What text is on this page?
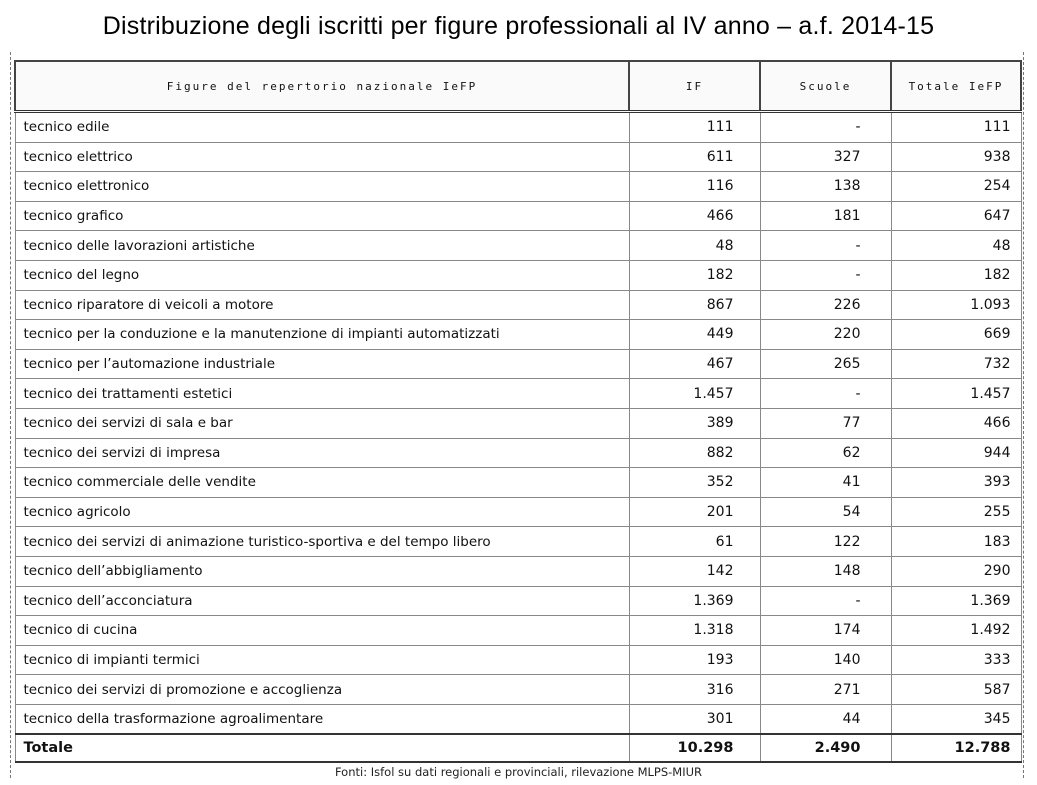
Distribuzione degli iscritti per figure professionali al IV anno – a.f. 2014-15
Figure del repertorio nazionale IeFP	IF	Scuole	Totale IeFP
tecnico edile	111	-	111
tecnico elettrico	611	327	938
tecnico elettronico	116	138	254
tecnico grafico	466	181	647
tecnico delle lavorazioni artistiche	48	-	48
tecnico del legno	182	-	182
tecnico riparatore di veicoli a motore	867	226	1.093
tecnico per la conduzione e la manutenzione di impianti automatizzati	449	220	669
tecnico per l’automazione industriale	467	265	732
tecnico dei trattamenti estetici	1.457	-	1.457
tecnico dei servizi di sala e bar	389	77	466
tecnico dei servizi di impresa	882	62	944
tecnico commerciale delle vendite	352	41	393
tecnico agricolo	201	54	255
tecnico dei servizi di animazione turistico-sportiva e del tempo libero	61	122	183
tecnico dell’abbigliamento	142	148	290
tecnico dell’acconciatura	1.369	-	1.369
tecnico di cucina	1.318	174	1.492
tecnico di impianti termici	193	140	333
tecnico dei servizi di promozione e accoglienza	316	271	587
tecnico della trasformazione agroalimentare	301	44	345
Totale	10.298	2.490	12.788
Fonti: Isfol su dati regionali e provinciali, rilevazione MLPS-MIUR
